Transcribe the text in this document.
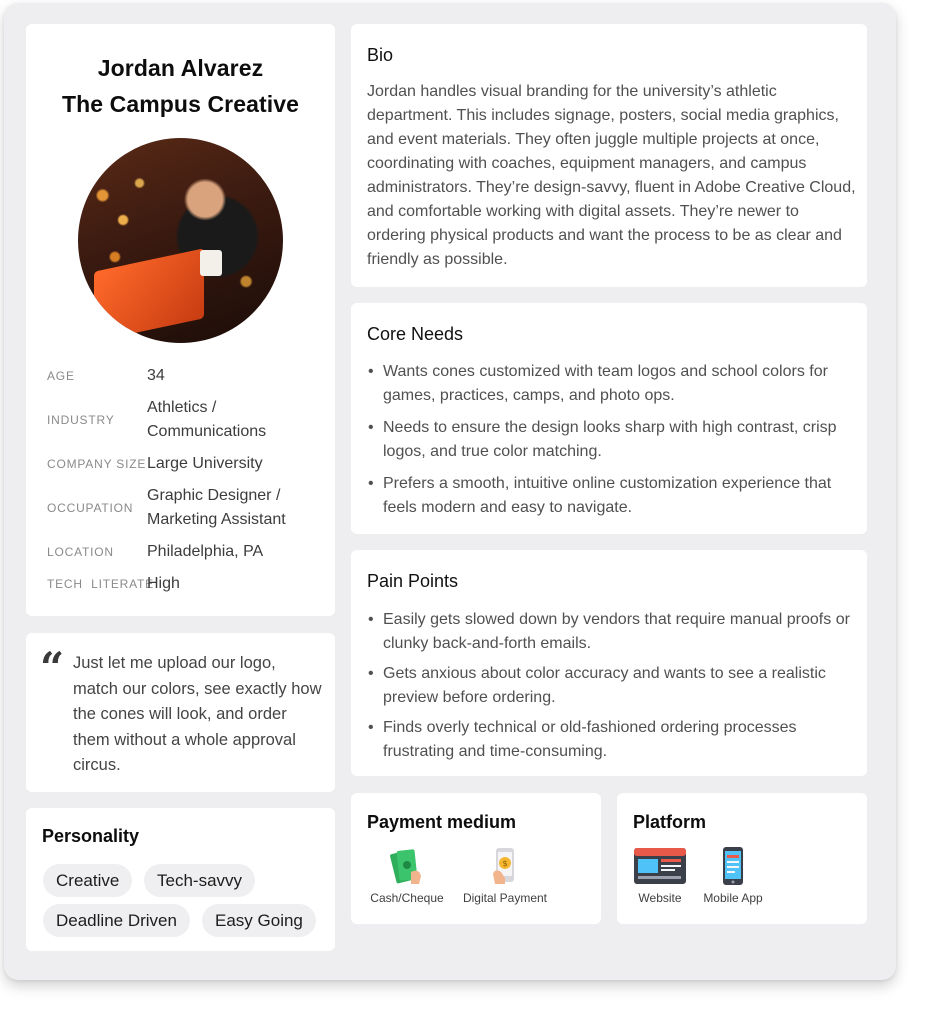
Jordan Alvarez
The Campus Creative
AGE	34
INDUSTRY
Athletics / Communications
COMPANY SIZE Large University
OCCUPATION
Graphic Designer / Marketing Assistant
LOCATION Philadelphia, PA
TECH  LITERATE
High
“ Just let me upload our logo, match our colors, see exactly how the cones will look, and order them without a whole approval circus.
Personality
Creative	Tech-savvy
Deadline Driven	Easy Going
Bio
Jordan handles visual branding for the university’s athletic department. This includes signage, posters, social media graphics, and event materials. They often juggle multiple projects at once, coordinating with coaches, equipment managers, and campus administrators. They’re design-savvy, fluent in Adobe Creative Cloud, and comfortable working with digital assets. They’re newer to ordering physical products and want the process to be as clear and friendly as possible.
Core Needs
• Wants cones customized with team logos and school colors for games, practices, camps, and photo ops.
• Needs to ensure the design looks sharp with high contrast, crisp logos, and true color matching.
• Prefers a smooth, intuitive online customization experience that feels modern and easy to navigate.
Pain Points
• Easily gets slowed down by vendors that require manual proofs or clunky back-and-forth emails.
• Gets anxious about color accuracy and wants to see a realistic preview before ordering.
• Finds overly technical or old-fashioned ordering processes frustrating and time-consuming.
Payment medium
Cash/Cheque
$
Digital Payment
Platform
Website	Mobile App
